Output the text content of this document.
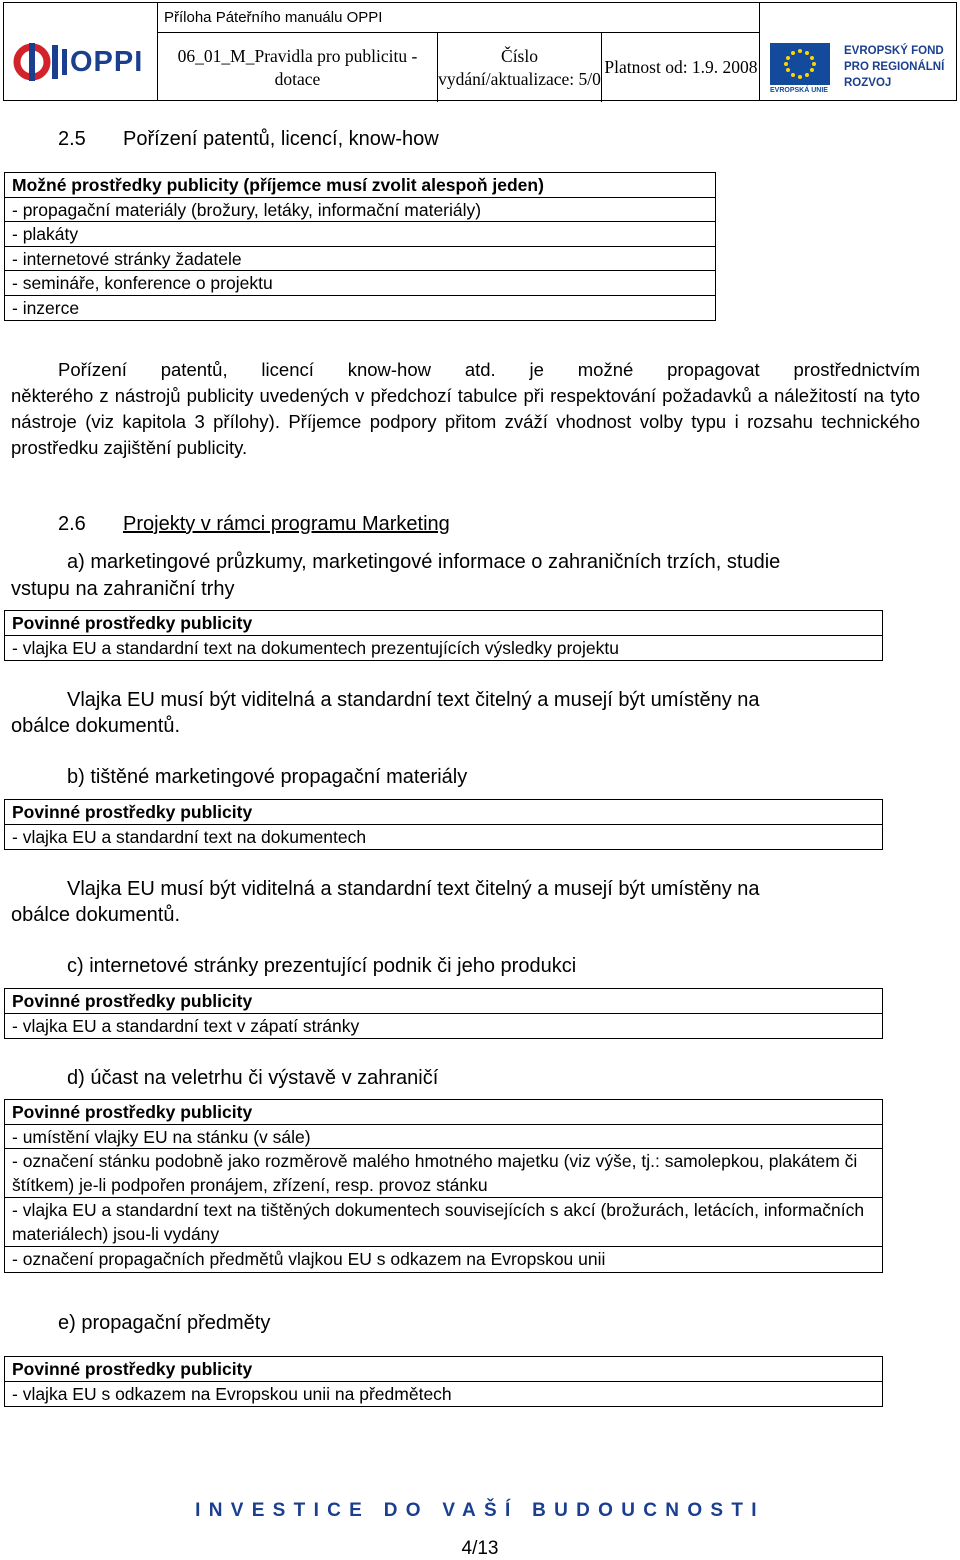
OPPI
Příloha Páteřního manuálu OPPI
06_01_M_Pravidla pro publicitu - dotace
Číslo vydání/aktualizace: 5/0
Platnost od: 1.9. 2008
EVROPSKÁ UNIE
EVROPSKÝ FOND
PRO REGIONÁLNÍ
ROZVOJ
2.5 Pořízení patentů, licencí, know-how
Možné prostředky publicity (příjemce musí zvolit alespoň jeden)
- propagační materiály (brožury, letáky, informační materiály)
- plakáty
- internetové stránky žadatele
- semináře, konference o projektu
- inzerce
Pořízení patentů, licencí know-how atd. je možné propagovat prostřednictvím
některého z nástrojů publicity uvedených v předchozí tabulce při respektování požadavků a náležitostí na tyto nástroje (viz kapitola 3 přílohy). Příjemce podpory přitom zváží vhodnost volby typu i rozsahu technického prostředku zajištění publicity.
2.6 Projekty v rámci programu Marketing
a) marketingové průzkumy, marketingové informace o zahraničních trzích, studie
vstupu na zahraniční trhy
Povinné prostředky publicity
- vlajka EU a standardní text na dokumentech prezentujících výsledky projektu
Vlajka EU musí být viditelná a standardní text čitelný a musejí být umístěny na
obálce dokumentů.
b) tištěné marketingové propagační materiály
Povinné prostředky publicity
- vlajka EU a standardní text na dokumentech
Vlajka EU musí být viditelná a standardní text čitelný a musejí být umístěny na
obálce dokumentů.
c) internetové stránky prezentující podnik či jeho produkci
Povinné prostředky publicity
- vlajka EU a standardní text v zápatí stránky
d) účast na veletrhu či výstavě v zahraničí
Povinné prostředky publicity
- umístění vlajky EU na stánku (v sále)
- označení stánku podobně jako rozměrově malého hmotného majetku (viz výše, tj.: samolepkou, plakátem či štítkem) je-li podpořen pronájem, zřízení, resp. provoz stánku
- vlajka EU a standardní text na tištěných dokumentech souvisejících s akcí (brožurách, letácích, informačních materiálech) jsou-li vydány
- označení propagačních předmětů vlajkou EU s odkazem na Evropskou unii
e) propagační předměty
Povinné prostředky publicity
- vlajka EU s odkazem na Evropskou unii na předmětech
INVESTICE DO VAŠÍ BUDOUCNOSTI
4/13
